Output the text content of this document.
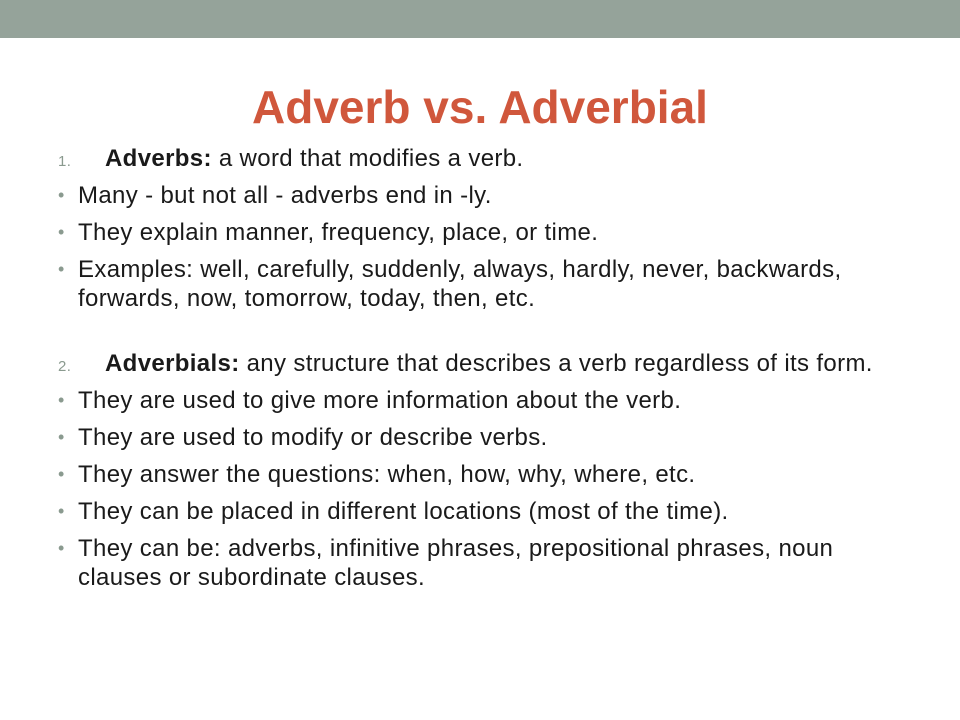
Adverb vs. Adverbial
1. Adverbs: a word that modifies a verb.
• Many - but not all - adverbs end in -ly.
• They explain manner, frequency, place, or time.
• Examples: well, carefully, suddenly, always, hardly, never, backwards, forwards, now, tomorrow, today, then, etc.
2. Adverbials: any structure that describes a verb regardless of its form.
• They are used to give more information about the verb.
• They are used to modify or describe verbs.
• They answer the questions: when, how, why, where, etc.
• They can be placed in different locations (most of the time).
• They can be: adverbs, infinitive phrases, prepositional phrases, noun clauses or subordinate clauses.
